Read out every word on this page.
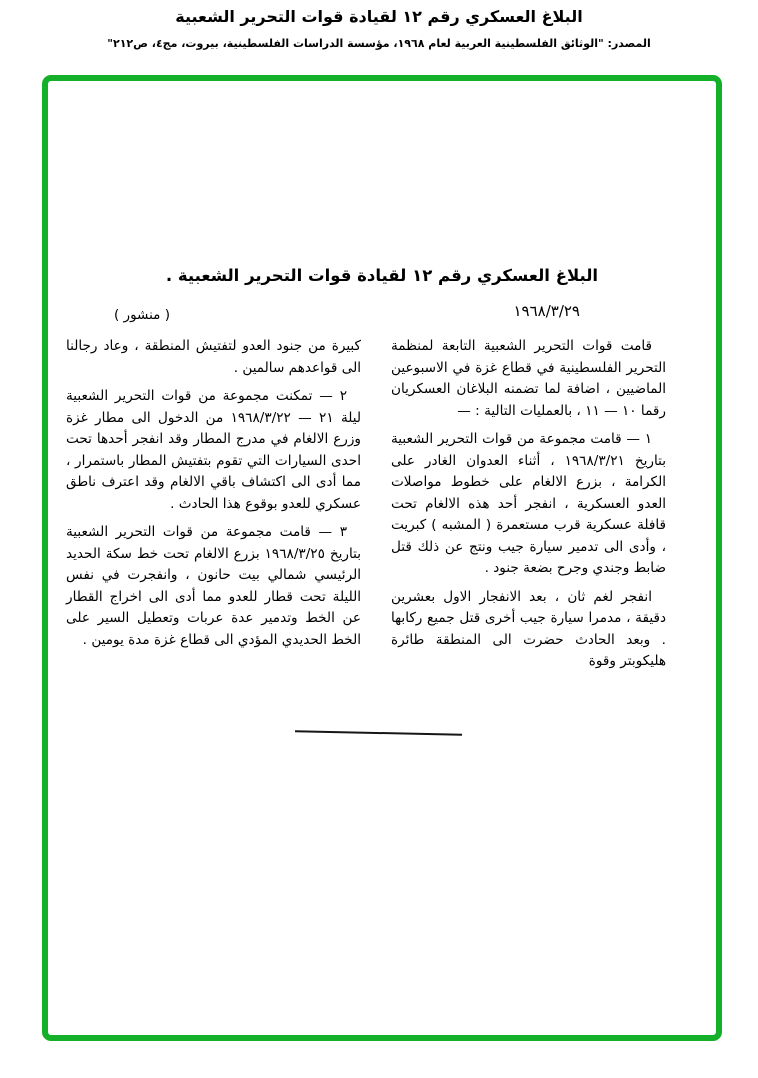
البلاغ العسكري رقم ١٢ لقيادة قوات التحرير الشعبية
المصدر: "الوثائق الفلسطينية العربية لعام ١٩٦٨، مؤسسة الدراسات الفلسطينية، بيروت، مج٤، ص٢١٢"
البلاغ العسكري رقم ١٢ لقيادة قوات التحرير الشعبية .
١٩٦٨/٣/٢٩
( منشور )

قامت قوات التحرير الشعبية التابعة لمنظمة التحرير الفلسطينية في قطاع غزة في الاسبوعين الماضيين ، اضافة لما تضمنه البلاغان العسكريان رقما ١٠ — ١١ ، بالعمليات التالية : —

١ — قامت مجموعة من قوات التحرير الشعبية بتاريخ ١٩٦٨/٣/٢١ ، أثناء العدوان الغادر على الكرامة ، بزرع الالغام على خطوط مواصلات العدو العسكرية ، انفجر أحد هذه الالغام تحت قافلة عسكرية قرب مستعمرة ( المشبه ) كبريت ، وأدى الى تدمير سيارة جيب ونتج عن ذلك قتل ضابط وجندي وجرح بضعة جنود .

انفجر لغم ثان ، بعد الانفجار الاول بعشرين دقيقة ، مدمرا سيارة جيب أخرى قتل جميع ركابها . وبعد الحادث حضرت الى المنطقة طائرة هليكوبتر وقوة

كبيرة من جنود العدو لتفتيش المنطقة ، وعاد رجالنا الى قواعدهم سالمين .

٢ — تمكنت مجموعة من قوات التحرير الشعبية ليلة ٢١ — ١٩٦٨/٣/٢٢ من الدخول الى مطار غزة وزرع الالغام في مدرج المطار وقد انفجر أحدها تحت احدى السيارات التي تقوم بتفتيش المطار باستمرار ، مما أدى الى اكتشاف باقي الالغام وقد اعترف ناطق عسكري للعدو بوقوع هذا الحادث .

٣ — قامت مجموعة من قوات التحرير الشعبية بتاريخ ١٩٦٨/٣/٢٥ بزرع الالغام تحت خط سكة الحديد الرئيسي شمالي بيت حانون ، وانفجرت في نفس الليلة تحت قطار للعدو مما أدى الى اخراج القطار عن الخط وتدمير عدة عربات وتعطيل السير على الخط الحديدي المؤدي الى قطاع غزة مدة يومين .
